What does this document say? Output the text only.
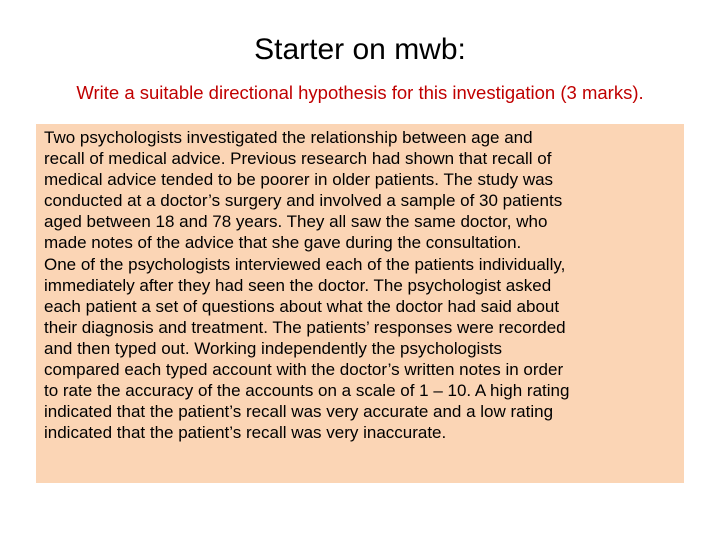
Starter on mwb:
Write a suitable directional hypothesis for this investigation (3 marks).
Two psychologists investigated the relationship between age and
recall of medical advice. Previous research had shown that recall of
medical advice tended to be poorer in older patients. The study was
conducted at a doctor’s surgery and involved a sample of 30 patients
aged between 18 and 78 years. They all saw the same doctor, who
made notes of the advice that she gave during the consultation.
One of the psychologists interviewed each of the patients individually,
immediately after they had seen the doctor. The psychologist asked
each patient a set of questions about what the doctor had said about
their diagnosis and treatment. The patients’ responses were recorded
and then typed out. Working independently the psychologists
compared each typed account with the doctor’s written notes in order
to rate the accuracy of the accounts on a scale of 1 – 10. A high rating
indicated that the patient’s recall was very accurate and a low rating
indicated that the patient’s recall was very inaccurate.
